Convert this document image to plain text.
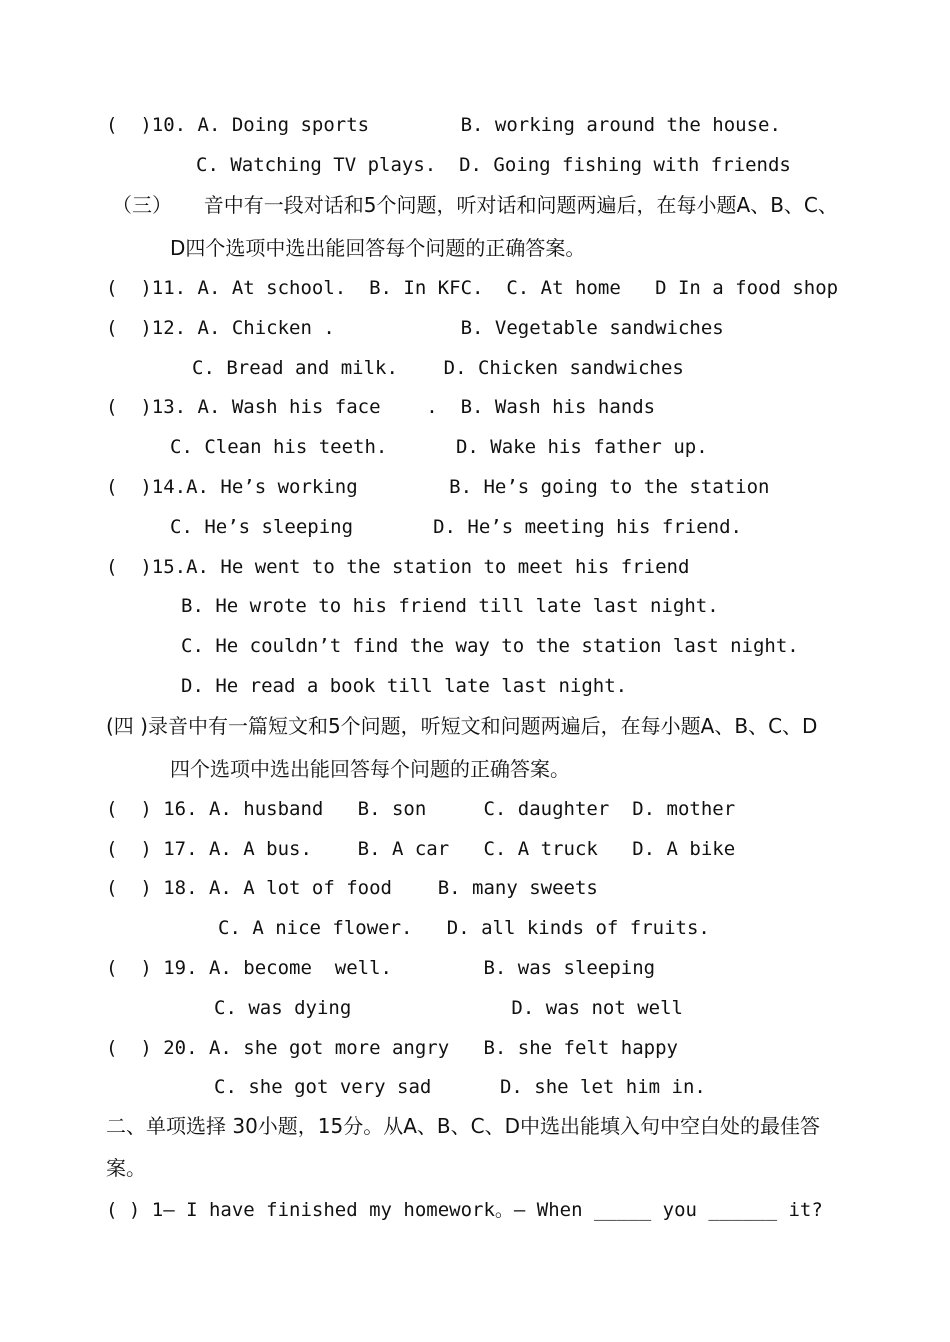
(  )10. A. Doing sports        B. working around the house.
C. Watching TV plays.  D. Going fishing with friends
（三）     音中有一段对话和5个问题，听对话和问题两遍后，在每小题A、B、C、
D四个选项中选出能回答每个问题的正确答案。
(  )11. A. At school.  B. In KFC.  C. At home   D In a food shop
(  )12. A. Chicken .           B. Vegetable sandwiches
C. Bread and milk.    D. Chicken sandwiches
(  )13. A. Wash his face    .  B. Wash his hands
C. Clean his teeth.      D. Wake his father up.
(  )14.A. He’s working        B. He’s going to the station
C. He’s sleeping       D. He’s meeting his friend.
(  )15.A. He went to the station to meet his friend
B. He wrote to his friend till late last night.
C. He couldn’t find the way to the station last night.
D. He read a book till late last night.
(四 )录音中有一篇短文和5个问题，听短文和问题两遍后，在每小题A、B、C、D
四个选项中选出能回答每个问题的正确答案。
(  ) 16. A. husband   B. son     C. daughter  D. mother
(  ) 17. A. A bus.    B. A car   C. A truck   D. A bike
(  ) 18. A. A lot of food    B. many sweets
C. A nice flower.   D. all kinds of fruits.
(  ) 19. A. become  well.        B. was sleeping
C. was dying              D. was not well
(  ) 20. A. she got more angry   B. she felt happy
C. she got very sad      D. she let him in.
二、单项选择 30小题，15分。从A、B、C、D中选出能填入句中空白处的最佳答
案。
( ) 1— I have finished my homework。— When _____ you ______ it?
